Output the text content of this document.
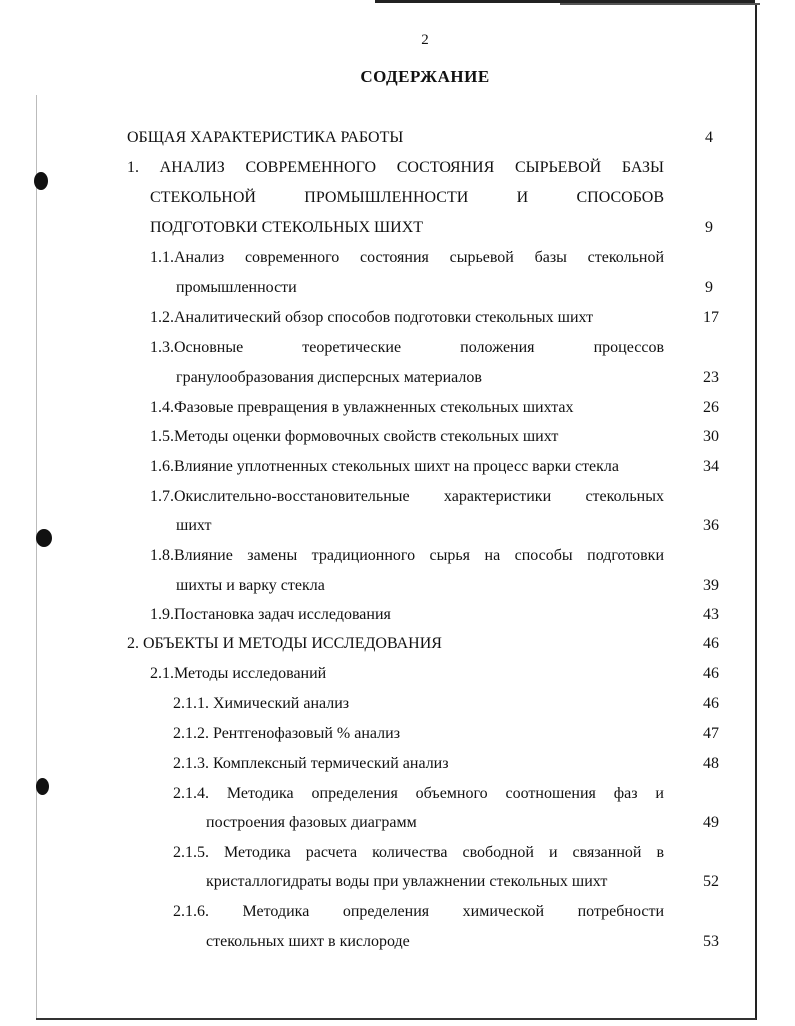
2
СОДЕРЖАНИЕ
ОБЩАЯ ХАРАКТЕРИСТИКА РАБОТЫ	4
1. АНАЛИЗ СОВРЕМЕННОГО СОСТОЯНИЯ СЫРЬЕВОЙ БАЗЫ
СТЕКОЛЬНОЙ ПРОМЫШЛЕННОСТИ И СПОСОБОВ
ПОДГОТОВКИ СТЕКОЛЬНЫХ ШИХТ	9
1.1.Анализ современного состояния сырьевой базы стекольной
промышленности	9
1.2.Аналитический обзор способов подготовки стекольных шихт	17
1.3.Основные теоретические положения процессов
гранулообразования дисперсных материалов	23
1.4.Фазовые превращения в увлажненных стекольных шихтах	26
1.5.Методы оценки формовочных свойств стекольных шихт	30
1.6.Влияние уплотненных стекольных шихт на процесс варки стекла	34
1.7.Окислительно-восстановительные характеристики стекольных
шихт	36
1.8.Влияние замены традиционного сырья на способы подготовки
шихты и варку стекла	39
1.9.Постановка задач исследования	43
2. ОБЪЕКТЫ И МЕТОДЫ ИССЛЕДОВАНИЯ	46
2.1.Методы исследований	46
2.1.1. Химический анализ	46
2.1.2. Рентгенофазовый % анализ	47
2.1.3. Комплексный термический анализ	48
2.1.4. Методика определения объемного соотношения фаз и
построения фазовых диаграмм	49
2.1.5. Методика расчета количества свободной и связанной в
кристаллогидраты воды при увлажнении стекольных шихт	52
2.1.6. Методика определения химической потребности
стекольных шихт в кислороде	53
